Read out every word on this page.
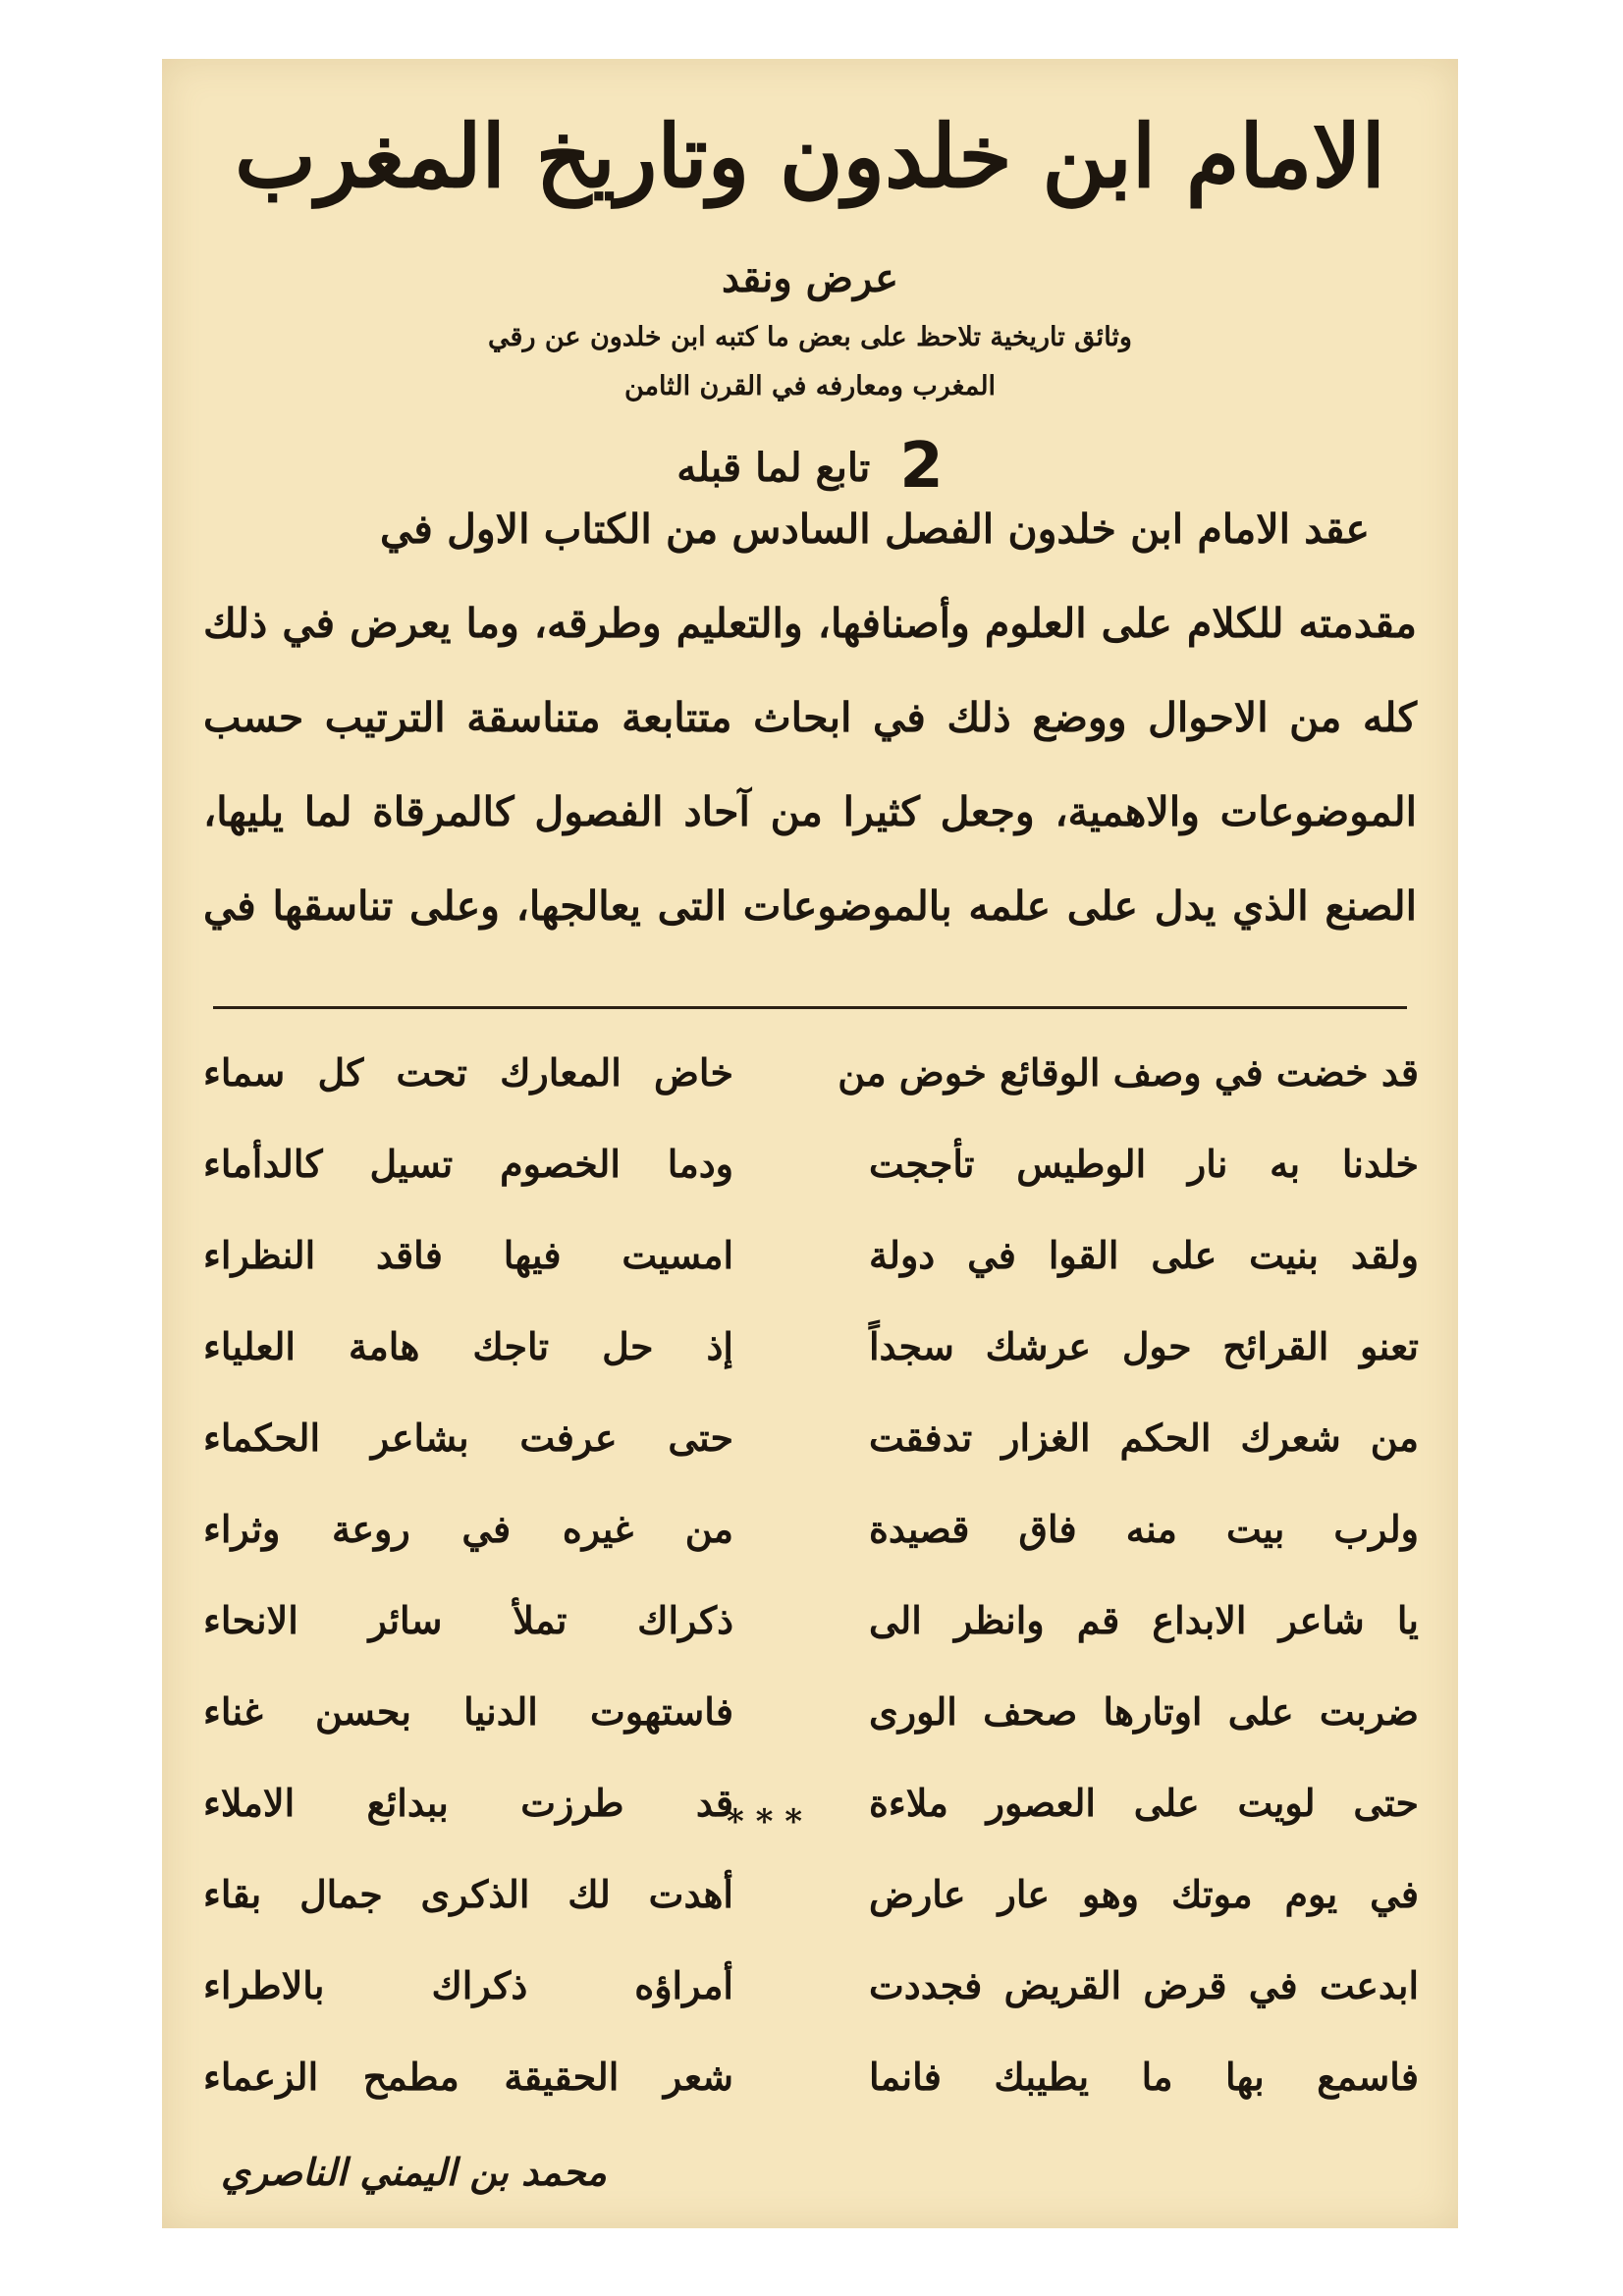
الامام ابن خلدون وتاريخ المغرب
عرض ونقد
وثائق تاريخية تلاحظ على بعض ما كتبه ابن خلدون عن رقي
المغرب ومعارفه في القرن الثامن
2 تابع لما قبله

عقد الامام ابن خلدون الفصل السادس من الكتاب الاول في

مقدمته للكلام على العلوم وأصنافها، والتعليم وطرقه، وما يعرض في ذلك

كله من الاحوال ووضع ذلك في ابحاث متتابعة متناسقة الترتيب حسب

الموضوعات والاهمية، وجعل كثيرا من آحاد الفصول كالمرقاة لما يليها،

الصنع الذي يدل على علمه بالموضوعات التى يعالجها، وعلى تناسقها في

قد خضت في وصف الوقائع خوض من
خاض المعارك تحت كل سماء
خلدنا به نار الوطيس تأججت
ودما الخصوم تسيل كالدأماء
ولقد بنيت على القوا في دولة
امسيت فيها فاقد النظراء
تعنو القرائح حول عرشك سجداً
إذ حل تاجك هامة العلياء
من شعرك الحكم الغزار تدفقت
حتى عرفت بشاعر الحكماء
ولرب بيت منه فاق قصيدة
من غيره في روعة وثراء
يا شاعر الابداع قم وانظر الى
ذكراك تملأ سائر الانحاء
ضربت على اوتارها صحف الورى
فاستهوت الدنيا بحسن غناء
حتى لويت على العصور ملاءة
قد طرزت ببدائع الاملاء
في يوم موتك وهو عار عارض
أهدت لك الذكرى جمال بقاء
ابدعت في قرض القريض فجددت
أمراؤه ذكراك بالاطراء
فاسمع بها ما يطيبك فانما
شعر الحقيقة مطمح الزعماء
* * *
محمد بن اليمني الناصري
